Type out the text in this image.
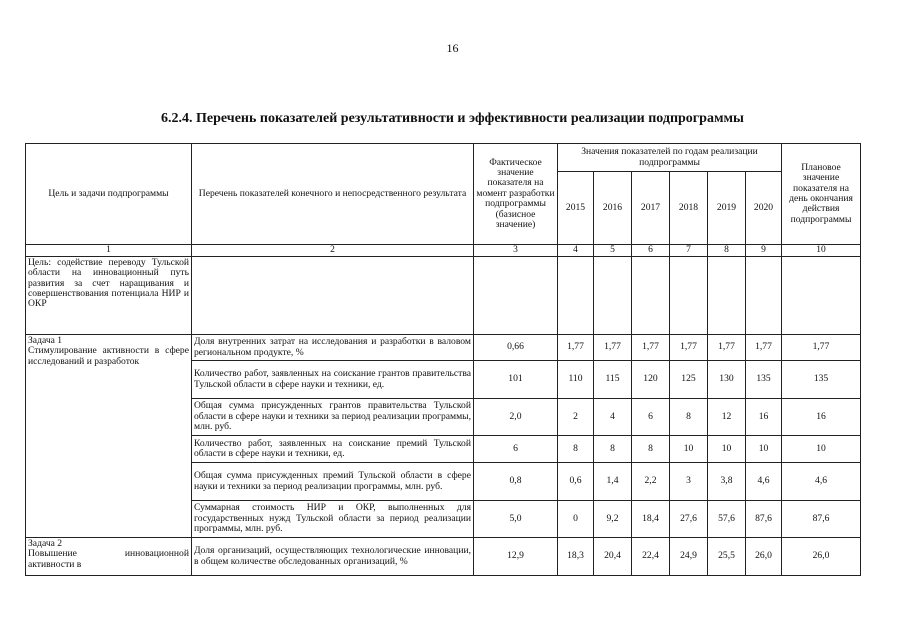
16
6.2.4. Перечень показателей результативности и эффективности реализации подпрограммы
Цель и задачи подпрограммы	Перечень показателей конечного и непосредственного результата	Фактическое значение показателя на момент разработки подпрограммы (базисное значение)	Значения показателей по годам реализации подпрограммы						Плановое значение показателя на день окончания действия подпрограммы
			2015	2016	2017	2018	2019	2020	
1	2	3	4	5	6	7	8	9	10
Цель: содействие переводу Тульской области на инновационный путь развития за счет наращивания и совершенствования потенциала НИР и ОКР									

Задача 1
Стимулирование активности в сфере исследований и разработок	Доля внутренних затрат на исследования и разработки в валовом региональном продукте, %	0,66	1,77	1,77	1,77	1,77	1,77	1,77	1,77
	Количество работ, заявленных на соискание грантов правительства Тульской области в сфере науки и техники, ед.	101	110	115	120	125	130	135	135
	Общая сумма присужденных грантов правительства Тульской области в сфере науки и техники за период реализации программы, млн. руб.	2,0	2	4	6	8	12	16	16
	Количество работ, заявленных на соискание премий Тульской области в сфере науки и техники, ед.	6	8	8	8	10	10	10	10
	Общая сумма присужденных премий Тульской области в сфере науки и техники за период реализации программы, млн. руб.	0,8	0,6	1,4	2,2	3	3,8	4,6	4,6
	Суммарная стоимость НИР и ОКР, выполненных для государственных нужд Тульской области за период реализации программы, млн. руб.	5,0	0	9,2	18,4	27,6	57,6	87,6	87,6

Задача 2
Повышение инновационной активности в	Доля организаций, осуществляющих технологические инновации, в общем количестве обследованных организаций, %	12,9	18,3	20,4	22,4	24,9	25,5	26,0	26,0
